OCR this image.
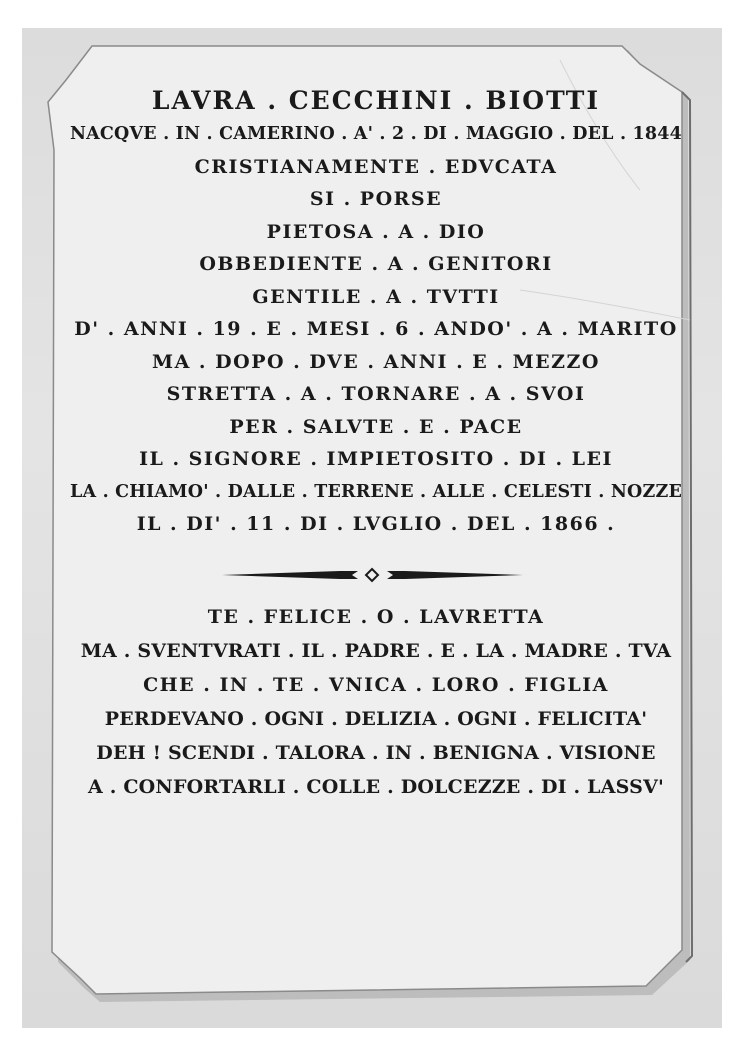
LAVRA . CECCHINI . BIOTTI
NACQVE . IN . CAMERINO . A' . 2 . DI . MAGGIO . DEL . 1844
CRISTIANAMENTE . EDVCATA
SI . PORSE
PIETOSA . A . DIO
OBBEDIENTE . A . GENITORI
GENTILE . A . TVTTI
D' . ANNI . 19 . E . MESI . 6 . ANDO' . A . MARITO
MA . DOPO . DVE . ANNI . E . MEZZO
STRETTA . A . TORNARE . A . SVOI
PER . SALVTE . E . PACE
IL . SIGNORE . IMPIETOSITO . DI . LEI
LA . CHIAMO' . DALLE . TERRENE . ALLE . CELESTI . NOZZE
IL . DI' . 11 . DI . LVGLIO . DEL . 1866 .
TE . FELICE . O . LAVRETTA
MA . SVENTVRATI . IL . PADRE . E . LA . MADRE . TVA
CHE . IN . TE . VNICA . LORO . FIGLIA
PERDEVANO . OGNI . DELIZIA . OGNI . FELICITA'
DEH ! SCENDI . TALORA . IN . BENIGNA . VISIONE
A . CONFORTARLI . COLLE . DOLCEZZE . DI . LASSV'
